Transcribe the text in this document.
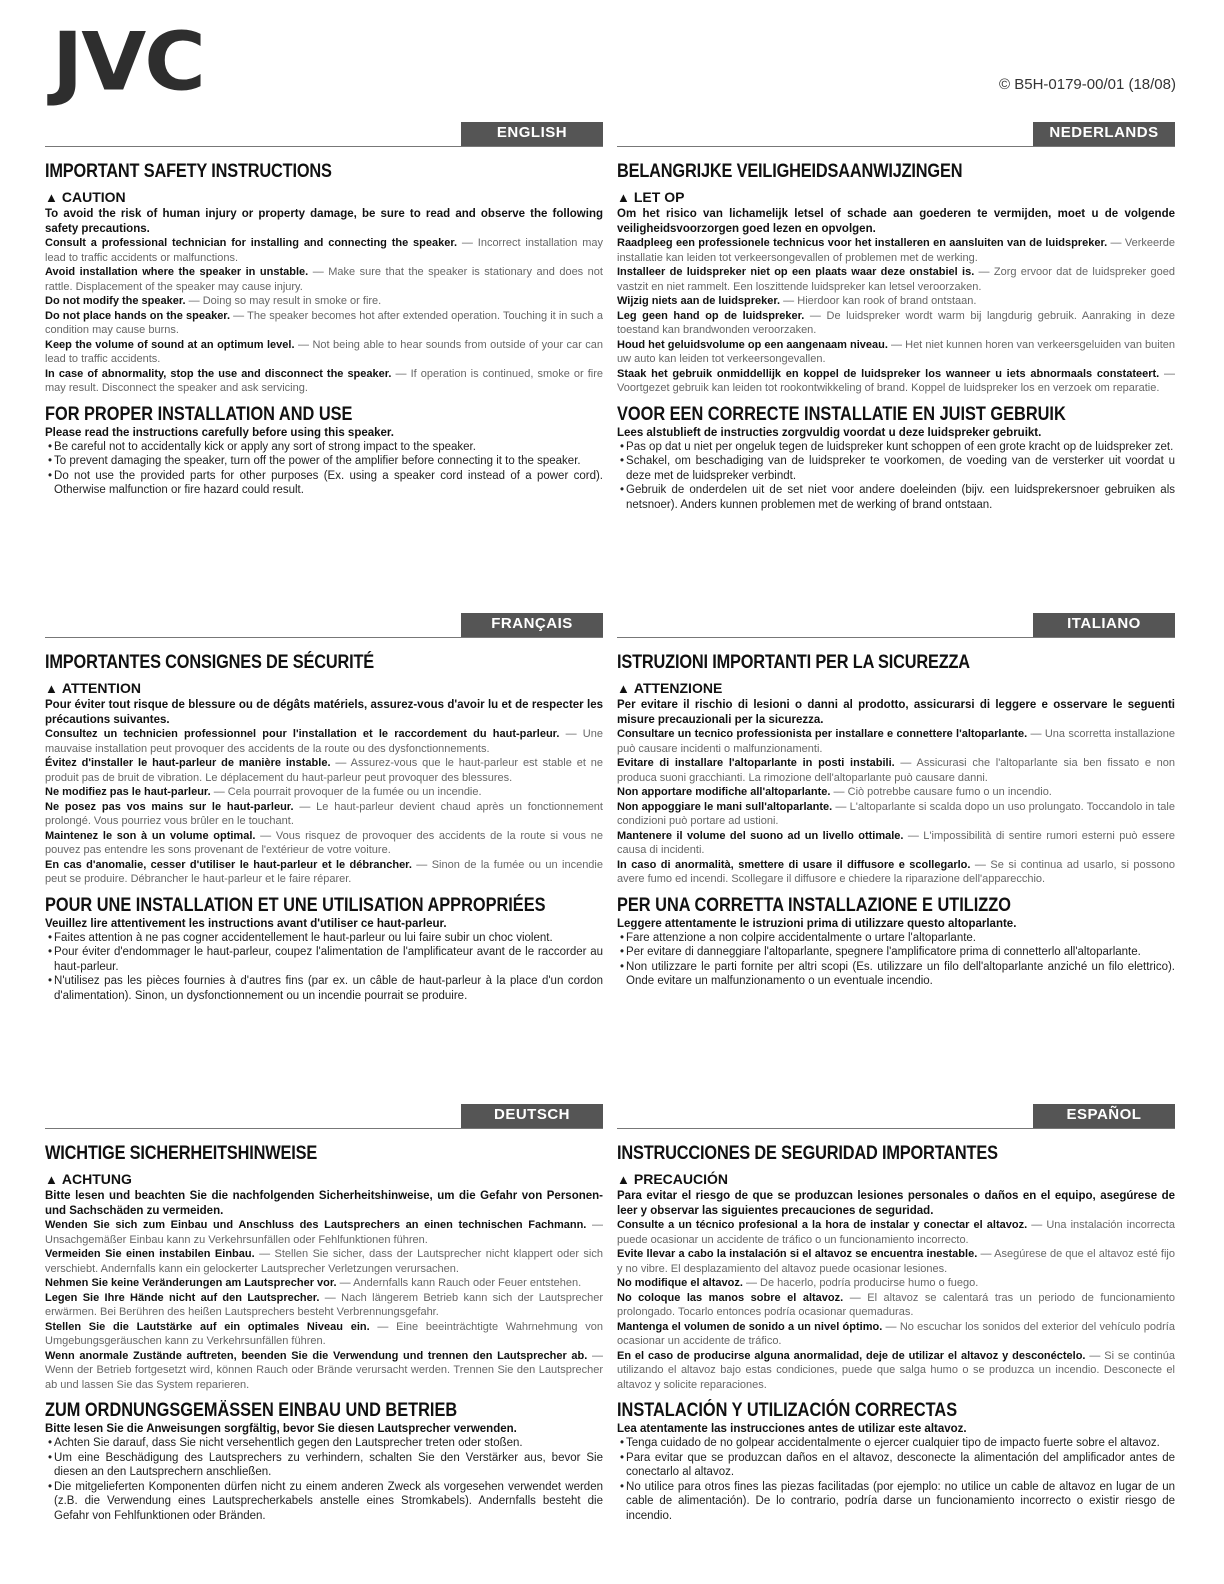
JVC	© B5H-0179-00/01 (18/08)
ENGLISH
IMPORTANT SAFETY INSTRUCTIONS
▲ CAUTION
To avoid the risk of human injury or property damage, be sure to read and observe the following safety precautions.
Consult a professional technician for installing and connecting the speaker. — Incorrect installation may lead to traffic accidents or malfunctions.
Avoid installation where the speaker in unstable. — Make sure that the speaker is stationary and does not rattle. Displacement of the speaker may cause injury.
Do not modify the speaker. — Doing so may result in smoke or fire.
Do not place hands on the speaker. — The speaker becomes hot after extended operation. Touching it in such a condition may cause burns.
Keep the volume of sound at an optimum level. — Not being able to hear sounds from outside of your car can lead to traffic accidents.
In case of abnormality, stop the use and disconnect the speaker. — If operation is continued, smoke or fire may result. Disconnect the speaker and ask servicing.
FOR PROPER INSTALLATION AND USE
Please read the instructions carefully before using this speaker.
• Be careful not to accidentally kick or apply any sort of strong impact to the speaker.
• To prevent damaging the speaker, turn off the power of the amplifier before connecting it to the speaker.
• Do not use the provided parts for other purposes (Ex. using a speaker cord instead of a power cord). Otherwise malfunction or fire hazard could result.
NEDERLANDS
BELANGRIJKE VEILIGHEIDSAANWIJZINGEN
▲ LET OP
Om het risico van lichamelijk letsel of schade aan goederen te vermijden, moet u de volgende veiligheidsvoorzorgen goed lezen en opvolgen.
Raadpleeg een professionele technicus voor het installeren en aansluiten van de luidspreker. — Verkeerde installatie kan leiden tot verkeersongevallen of problemen met de werking.
Installeer de luidspreker niet op een plaats waar deze onstabiel is. — Zorg ervoor dat de luidspreker goed vastzit en niet rammelt. Een loszittende luidspreker kan letsel veroorzaken.
Wijzig niets aan de luidspreker. — Hierdoor kan rook of brand ontstaan.
Leg geen hand op de luidspreker. — De luidspreker wordt warm bij langdurig gebruik. Aanraking in deze toestand kan brandwonden veroorzaken.
Houd het geluidsvolume op een aangenaam niveau. — Het niet kunnen horen van verkeersgeluiden van buiten uw auto kan leiden tot verkeersongevallen.
Staak het gebruik onmiddellijk en koppel de luidspreker los wanneer u iets abnormaals constateert. — Voortgezet gebruik kan leiden tot rookontwikkeling of brand. Koppel de luidspreker los en verzoek om reparatie.
VOOR EEN CORRECTE INSTALLATIE EN JUIST GEBRUIK
Lees alstublieft de instructies zorgvuldig voordat u deze luidspreker gebruikt.
• Pas op dat u niet per ongeluk tegen de luidspreker kunt schoppen of een grote kracht op de luidspreker zet.
• Schakel, om beschadiging van de luidspreker te voorkomen, de voeding van de versterker uit voordat u deze met de luidspreker verbindt.
• Gebruik de onderdelen uit de set niet voor andere doeleinden (bijv. een luidsprekersnoer gebruiken als netsnoer). Anders kunnen problemen met de werking of brand ontstaan.
FRANÇAIS
IMPORTANTES CONSIGNES DE SÉCURITÉ
▲ ATTENTION
Pour éviter tout risque de blessure ou de dégâts matériels, assurez-vous d'avoir lu et de respecter les précautions suivantes.
Consultez un technicien professionnel pour l'installation et le raccordement du haut-parleur. — Une mauvaise installation peut provoquer des accidents de la route ou des dysfonctionnements.
Évitez d'installer le haut-parleur de manière instable. — Assurez-vous que le haut-parleur est stable et ne produit pas de bruit de vibration. Le déplacement du haut-parleur peut provoquer des blessures.
Ne modifiez pas le haut-parleur. — Cela pourrait provoquer de la fumée ou un incendie.
Ne posez pas vos mains sur le haut-parleur. — Le haut-parleur devient chaud après un fonctionnement prolongé. Vous pourriez vous brûler en le touchant.
Maintenez le son à un volume optimal. — Vous risquez de provoquer des accidents de la route si vous ne pouvez pas entendre les sons provenant de l'extérieur de votre voiture.
En cas d'anomalie, cesser d'utiliser le haut-parleur et le débrancher. — Sinon de la fumée ou un incendie peut se produire. Débrancher le haut-parleur et le faire réparer.
POUR UNE INSTALLATION ET UNE UTILISATION APPROPRIÉES
Veuillez lire attentivement les instructions avant d'utiliser ce haut-parleur.
• Faites attention à ne pas cogner accidentellement le haut-parleur ou lui faire subir un choc violent.
• Pour éviter d'endommager le haut-parleur, coupez l'alimentation de l'amplificateur avant de le raccorder au haut-parleur.
• N'utilisez pas les pièces fournies à d'autres fins (par ex. un câble de haut-parleur à la place d'un cordon d'alimentation). Sinon, un dysfonctionnement ou un incendie pourrait se produire.
ITALIANO
ISTRUZIONI IMPORTANTI PER LA SICUREZZA
▲ ATTENZIONE
Per evitare il rischio di lesioni o danni al prodotto, assicurarsi di leggere e osservare le seguenti misure precauzionali per la sicurezza.
Consultare un tecnico professionista per installare e connettere l'altoparlante. — Una scorretta installazione può causare incidenti o malfunzionamenti.
Evitare di installare l'altoparlante in posti instabili. — Assicurasi che l'altoparlante sia ben fissato e non produca suoni gracchianti. La rimozione dell'altoparlante può causare danni.
Non apportare modifiche all'altoparlante. — Ciò potrebbe causare fumo o un incendio.
Non appoggiare le mani sull'altoparlante. — L'altoparlante si scalda dopo un uso prolungato. Toccandolo in tale condizioni può portare ad ustioni.
Mantenere il volume del suono ad un livello ottimale. — L'impossibilità di sentire rumori esterni può essere causa di incidenti.
In caso di anormalità, smettere di usare il diffusore e scollegarlo. — Se si continua ad usarlo, si possono avere fumo ed incendi. Scollegare il diffusore e chiedere la riparazione dell'apparecchio.
PER UNA CORRETTA INSTALLAZIONE E UTILIZZO
Leggere attentamente le istruzioni prima di utilizzare questo altoparlante.
• Fare attenzione a non colpire accidentalmente o urtare l'altoparlante.
• Per evitare di danneggiare l'altoparlante, spegnere l'amplificatore prima di connetterlo all'altoparlante.
• Non utilizzare le parti fornite per altri scopi (Es. utilizzare un filo dell'altoparlante anziché un filo elettrico). Onde evitare un malfunzionamento o un eventuale incendio.
DEUTSCH
WICHTIGE SICHERHEITSHINWEISE
▲ ACHTUNG
Bitte lesen und beachten Sie die nachfolgenden Sicherheitshinweise, um die Gefahr von Personen- und Sachschäden zu vermeiden.
Wenden Sie sich zum Einbau und Anschluss des Lautsprechers an einen technischen Fachmann. — Unsachgemäßer Einbau kann zu Verkehrsunfällen oder Fehlfunktionen führen.
Vermeiden Sie einen instabilen Einbau. — Stellen Sie sicher, dass der Lautsprecher nicht klappert oder sich verschiebt. Andernfalls kann ein gelockerter Lautsprecher Verletzungen verursachen.
Nehmen Sie keine Veränderungen am Lautsprecher vor. — Andernfalls kann Rauch oder Feuer entstehen.
Legen Sie Ihre Hände nicht auf den Lautsprecher. — Nach längerem Betrieb kann sich der Lautsprecher erwärmen. Bei Berühren des heißen Lautsprechers besteht Verbrennungsgefahr.
Stellen Sie die Lautstärke auf ein optimales Niveau ein. — Eine beeinträchtigte Wahrnehmung von Umgebungsgeräuschen kann zu Verkehrsunfällen führen.
Wenn anormale Zustände auftreten, beenden Sie die Verwendung und trennen den Lautsprecher ab. — Wenn der Betrieb fortgesetzt wird, können Rauch oder Brände verursacht werden. Trennen Sie den Lautsprecher ab und lassen Sie das System reparieren.
ZUM ORDNUNGSGEMÄSSEN EINBAU UND BETRIEB
Bitte lesen Sie die Anweisungen sorgfältig, bevor Sie diesen Lautsprecher verwenden.
• Achten Sie darauf, dass Sie nicht versehentlich gegen den Lautsprecher treten oder stoßen.
• Um eine Beschädigung des Lautsprechers zu verhindern, schalten Sie den Verstärker aus, bevor Sie diesen an den Lautsprechern anschließen.
• Die mitgelieferten Komponenten dürfen nicht zu einem anderen Zweck als vorgesehen verwendet werden (z.B. die Verwendung eines Lautsprecherkabels anstelle eines Stromkabels). Andernfalls besteht die Gefahr von Fehlfunktionen oder Bränden.
ESPAÑOL
INSTRUCCIONES DE SEGURIDAD IMPORTANTES
▲ PRECAUCIÓN
Para evitar el riesgo de que se produzcan lesiones personales o daños en el equipo, asegúrese de leer y observar las siguientes precauciones de seguridad.
Consulte a un técnico profesional a la hora de instalar y conectar el altavoz. — Una instalación incorrecta puede ocasionar un accidente de tráfico o un funcionamiento incorrecto.
Evite llevar a cabo la instalación si el altavoz se encuentra inestable. — Asegúrese de que el altavoz esté fijo y no vibre. El desplazamiento del altavoz puede ocasionar lesiones.
No modifique el altavoz. — De hacerlo, podría producirse humo o fuego.
No coloque las manos sobre el altavoz. — El altavoz se calentará tras un periodo de funcionamiento prolongado. Tocarlo entonces podría ocasionar quemaduras.
Mantenga el volumen de sonido a un nivel óptimo. — No escuchar los sonidos del exterior del vehículo podría ocasionar un accidente de tráfico.
En el caso de producirse alguna anormalidad, deje de utilizar el altavoz y desconéctelo. — Si se continúa utilizando el altavoz bajo estas condiciones, puede que salga humo o se produzca un incendio. Desconecte el altavoz y solicite reparaciones.
INSTALACIÓN Y UTILIZACIÓN CORRECTAS
Lea atentamente las instrucciones antes de utilizar este altavoz.
• Tenga cuidado de no golpear accidentalmente o ejercer cualquier tipo de impacto fuerte sobre el altavoz.
• Para evitar que se produzcan daños en el altavoz, desconecte la alimentación del amplificador antes de conectarlo al altavoz.
• No utilice para otros fines las piezas facilitadas (por ejemplo: no utilice un cable de altavoz en lugar de un cable de alimentación). De lo contrario, podría darse un funcionamiento incorrecto o existir riesgo de incendio.
